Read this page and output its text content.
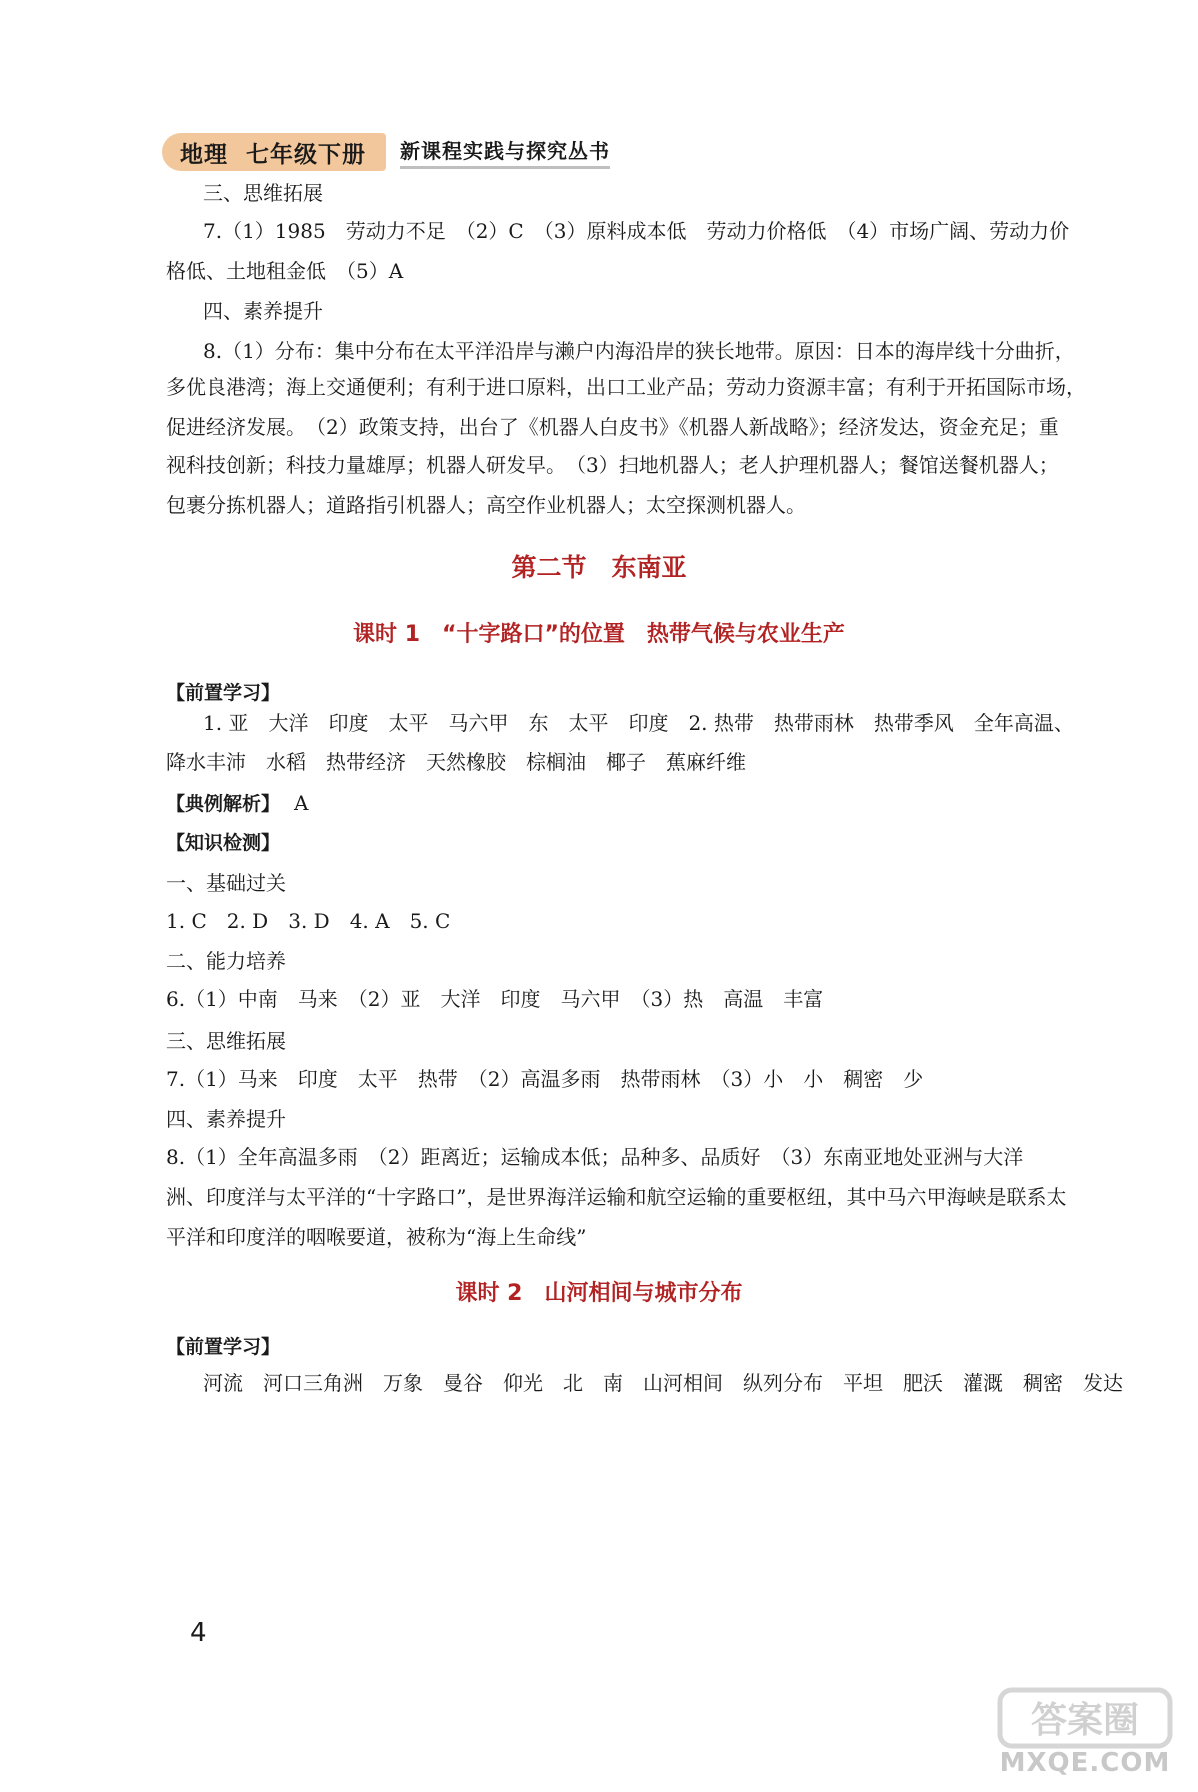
地理 七年级下册 新课程实践与探究丛书
三、思维拓展
7.（1）1985　劳动力不足　（2）C　（3）原料成本低　劳动力价格低　（4）市场广阔、劳动力价
格低、土地租金低　（5）A
四、素养提升
8.（1）分布：集中分布在太平洋沿岸与濑户内海沿岸的狭长地带。原因：日本的海岸线十分曲折，
多优良港湾；海上交通便利；有利于进口原料，出口工业产品；劳动力资源丰富；有利于开拓国际市场，
促进经济发展。　（2）政策支持，出台了《机器人白皮书》《机器人新战略》；经济发达，资金充足；重
视科技创新；科技力量雄厚；机器人研发早。　（3）扫地机器人；老人护理机器人；餐馆送餐机器人；
包裹分拣机器人；道路指引机器人；高空作业机器人；太空探测机器人。
第二节　东南亚
课时 1　“十字路口”的位置　热带气候与农业生产
【前置学习】
1. 亚　大洋　印度　太平　马六甲　东　太平　印度　2. 热带　热带雨林　热带季风　全年高温、
降水丰沛　水稻　热带经济　天然橡胶　棕榈油　椰子　蕉麻纤维
【典例解析】 A
【知识检测】
一、基础过关
1. C　2. D　3. D　4. A　5. C
二、能力培养
6.（1）中南　马来　（2）亚　大洋　印度　马六甲　（3）热　高温　丰富
三、思维拓展
7.（1）马来　印度　太平　热带　（2）高温多雨　热带雨林　（3）小　小　稠密　少
四、素养提升
8.（1）全年高温多雨　（2）距离近；运输成本低；品种多、品质好　（3）东南亚地处亚洲与大洋
洲、印度洋与太平洋的“十字路口”，是世界海洋运输和航空运输的重要枢纽，其中马六甲海峡是联系太
平洋和印度洋的咽喉要道，被称为“海上生命线”
课时 2　山河相间与城市分布
【前置学习】
河流　河口三角洲　万象　曼谷　仰光　北　南　山河相间　纵列分布　平坦　肥沃　灌溉　稠密　发达
4
答案圈
MXQE.COM
